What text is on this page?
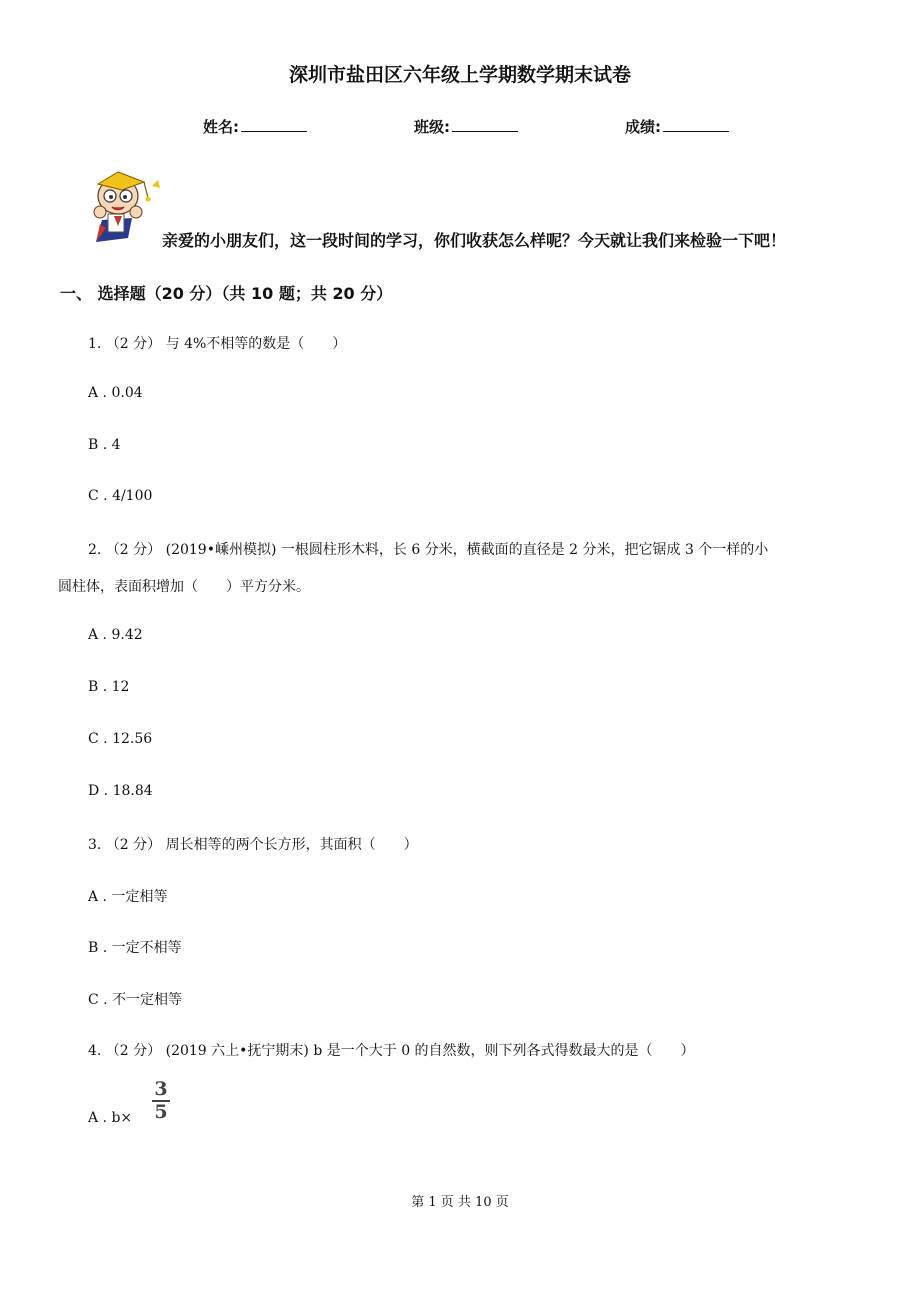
深圳市盐田区六年级上学期数学期末试卷
姓名:	班级:	成绩:
亲爱的小朋友们，这一段时间的学习，你们收获怎么样呢？今天就让我们来检验一下吧！
一、 选择题（20 分）（共 10 题；共 20 分）
1. （2 分） 与 4%不相等的数是（　　）
A . 0.04
B . 4
C . 4/100
2. （2 分） (2019•嵊州模拟) 一根圆柱形木料，长 6 分米，横截面的直径是 2 分米，把它锯成 3 个一样的小
圆柱体，表面积增加（　　）平方分米。
A . 9.42
B . 12
C . 12.56
D . 18.84
3. （2 分） 周长相等的两个长方形，其面积（　　）
A . 一定相等
B . 一定不相等
C . 不一定相等
4. （2 分） (2019 六上•抚宁期末) b 是一个大于 0 的自然数，则下列各式得数最大的是（　　）
A . b×
3
5
第 1 页 共 10 页
